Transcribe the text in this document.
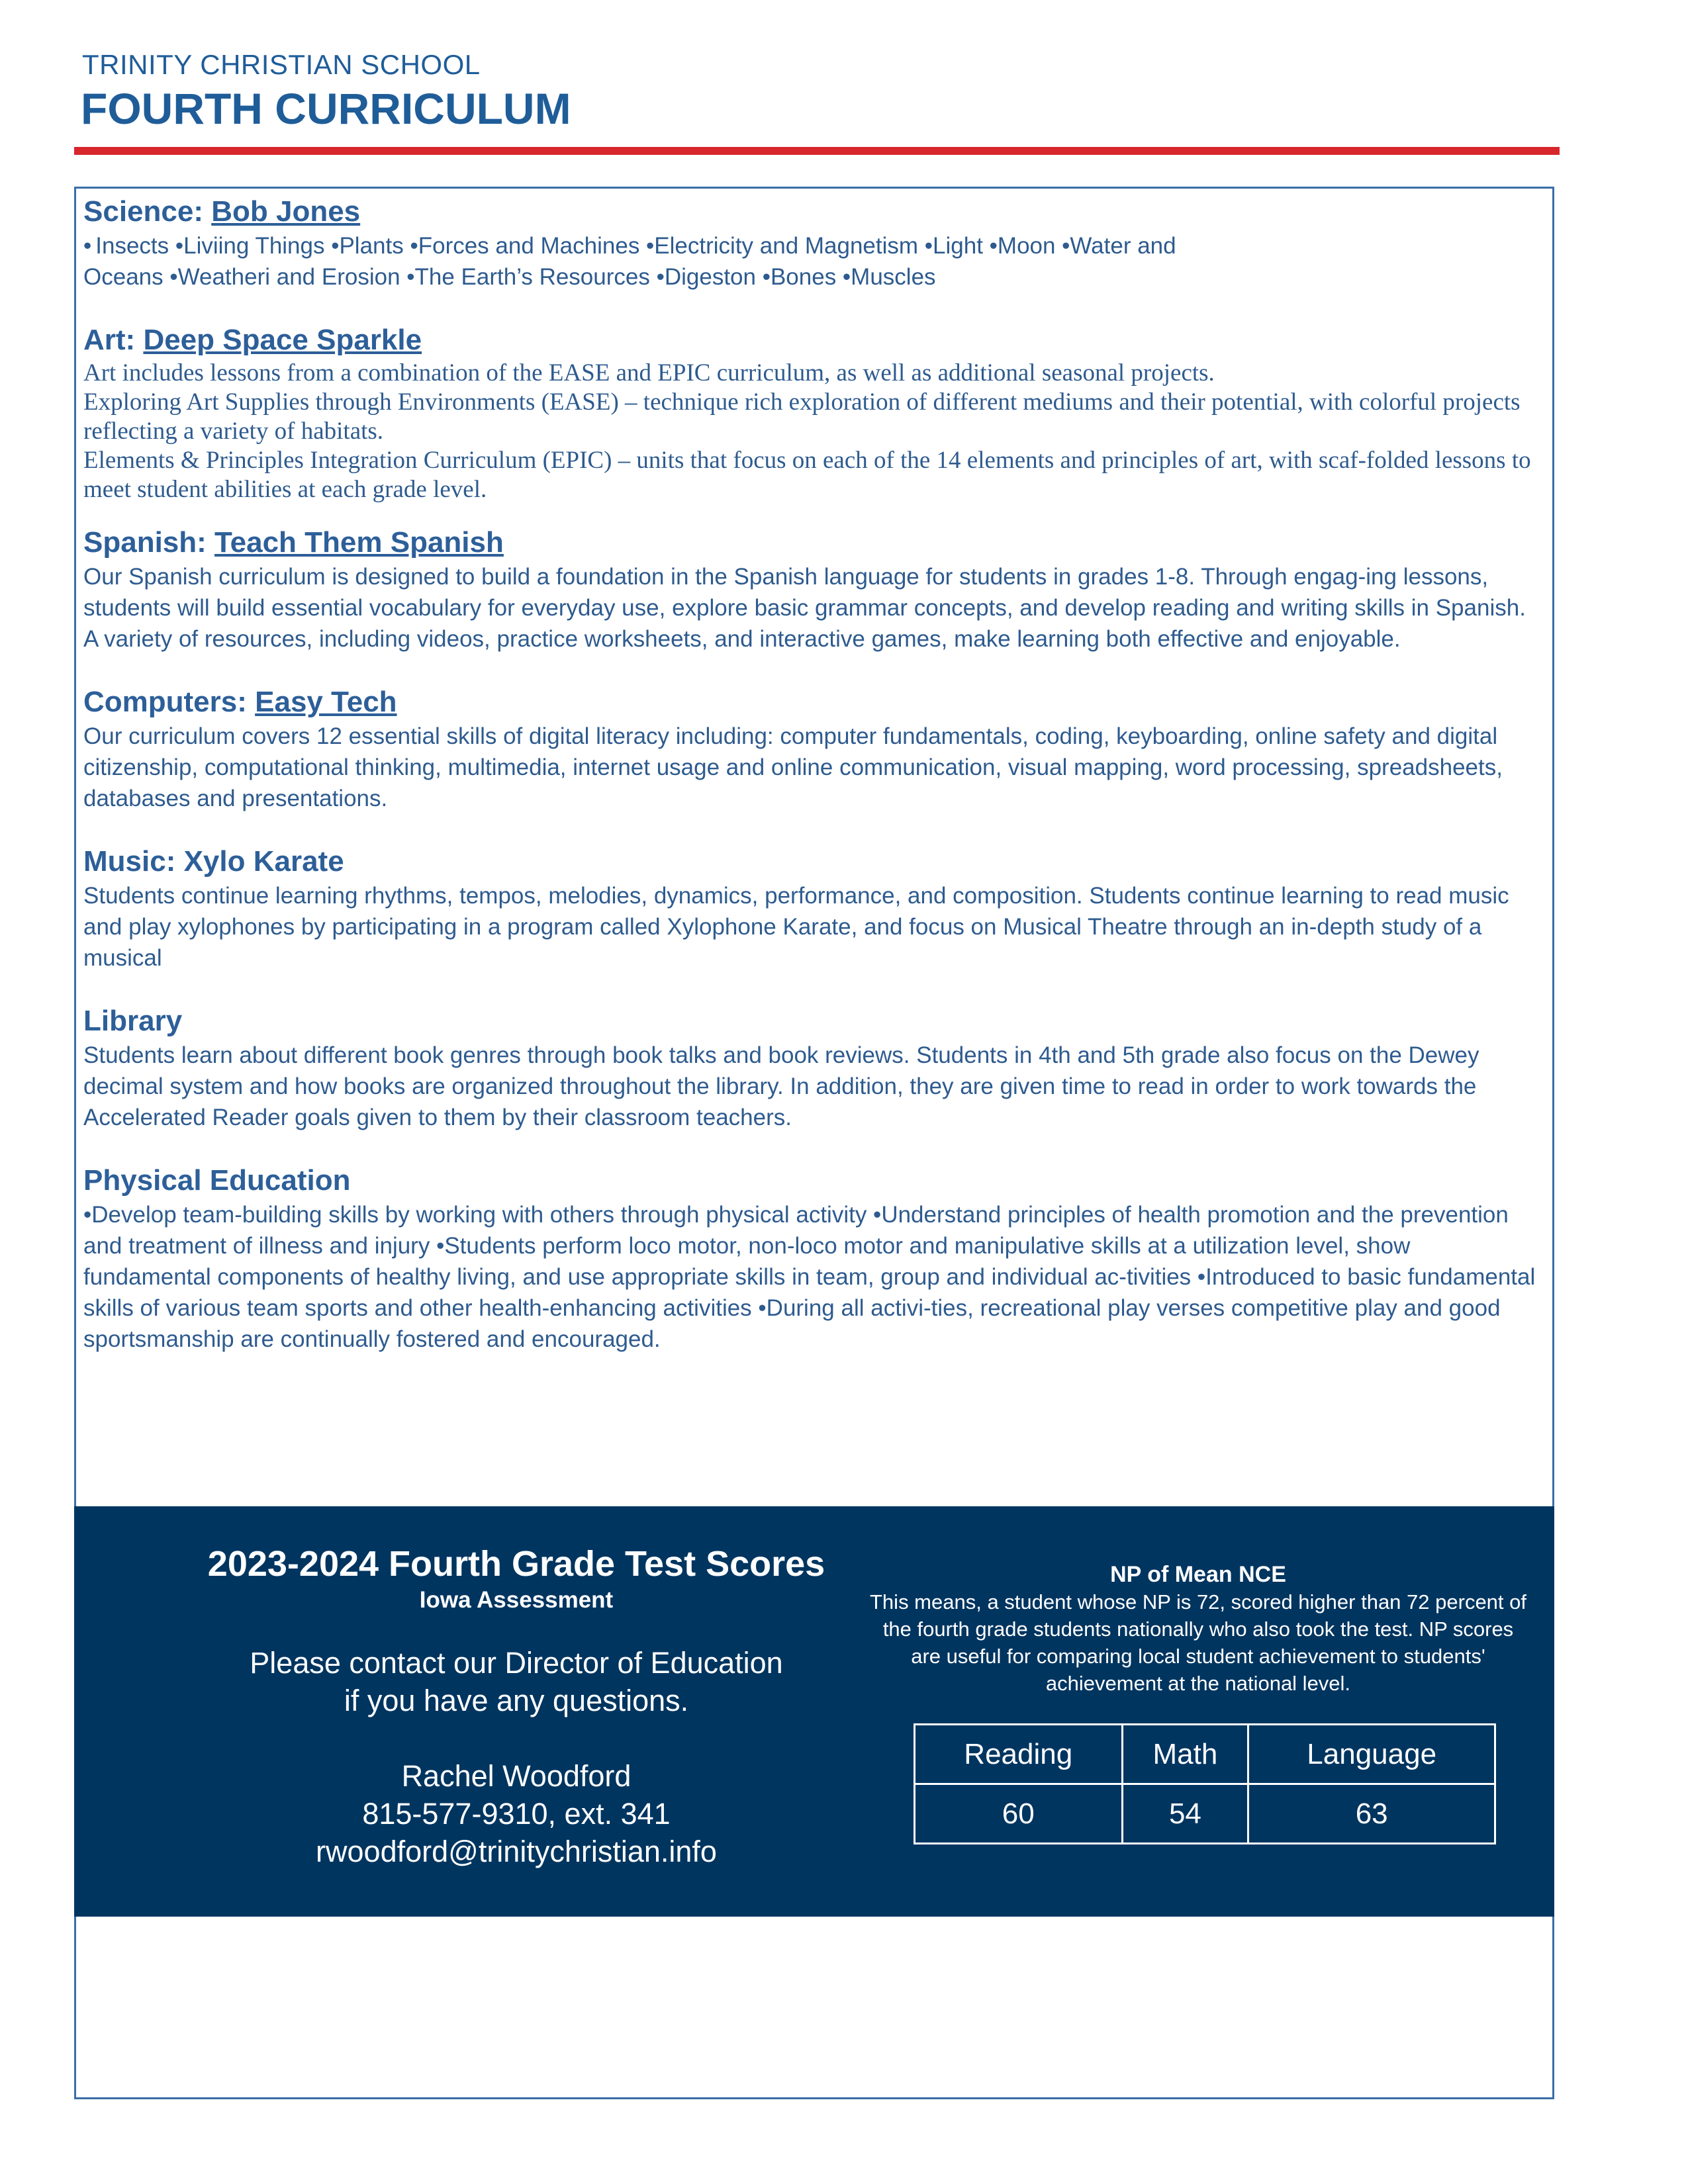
TRINITY CHRISTIAN SCHOOL
FOURTH CURRICULUM
Science: Bob Jones
• Insects •Liviing Things •Plants •Forces and Machines •Electricity and Magnetism •Light •Moon •Water and
Oceans •Weatheri and Erosion •The Earth’s Resources •Digeston •Bones •Muscles
Art: Deep Space Sparkle

Art includes lessons from a combination of the EASE and EPIC curriculum, as well as additional seasonal projects.

Exploring Art Supplies through Environments (EASE) – technique rich exploration of different mediums and their potential, with colorful projects reflecting a variety of habitats.

Elements & Principles Integration Curriculum (EPIC) – units that focus on each of the 14 elements and principles of art, with scaf-folded lessons to meet student abilities at each grade level.

Spanish: Teach Them Spanish

Our Spanish curriculum is designed to build a foundation in the Spanish language for students in grades 1-8. Through engag-ing lessons, students will build essential vocabulary for everyday use, explore basic grammar concepts, and develop reading and writing skills in Spanish. A variety of resources, including videos, practice worksheets, and interactive games, make learning both effective and enjoyable.

Computers: Easy Tech

Our curriculum covers 12 essential skills of digital literacy including: computer fundamentals, coding, keyboarding, online safety and digital citizenship, computational thinking, multimedia, internet usage and online communication, visual mapping, word processing, spreadsheets, databases and presentations.

Music: Xylo Karate

Students continue learning rhythms, tempos, melodies, dynamics, performance, and composition. Students continue learning to read music and play xylophones by participating in a program called Xylophone Karate, and focus on Musical Theatre through an in-depth study of a musical

Library

Students learn about different book genres through book talks and book reviews. Students in 4th and 5th grade also focus on the Dewey decimal system and how books are organized throughout the library. In addition, they are given time to read in order to work towards the Accelerated Reader goals given to them by their classroom teachers.

Physical Education

•Develop team-building skills by working with others through physical activity •Understand principles of health promotion and the prevention and treatment of illness and injury •Students perform loco motor, non-loco motor and manipulative skills at a utilization level, show fundamental components of healthy living, and use appropriate skills in team, group and individual ac-tivities •Introduced to basic fundamental skills of various team sports and other health-enhancing activities •During all activi-ties, recreational play verses competitive play and good sportsmanship are continually fostered and encouraged.

2023-2024 Fourth Grade Test Scores
Iowa Assessment
Please contact our Director of Education
if you have any questions.
Rachel Woodford
815-577-9310, ext. 341
rwoodford@trinitychristian.info
NP of Mean NCE
This means, a student whose NP is 72, scored higher than 72 percent of the fourth grade students nationally who also took the test. NP scores are useful for comparing local student achievement to students' achievement at the national level.
Reading	Math	Language
60	54	63
